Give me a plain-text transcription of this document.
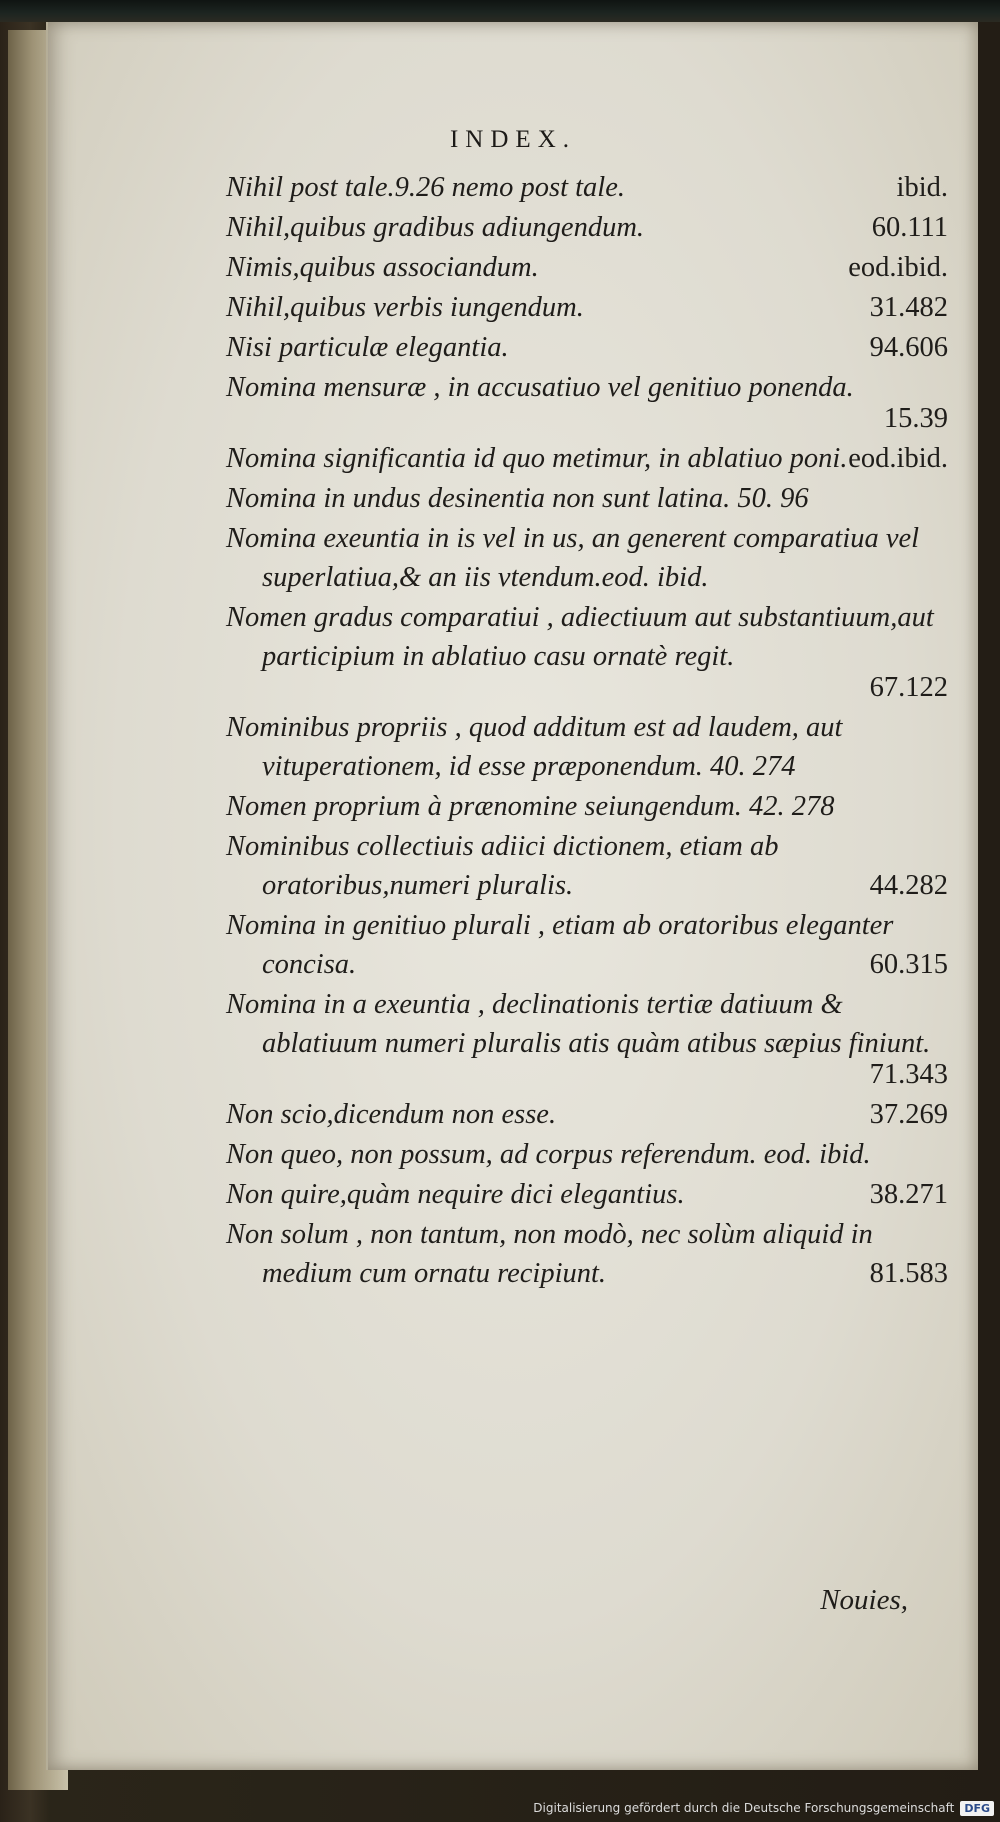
INDEX.
Nihil post tale.9.26 nemo post tale.	ibid.
Nihil,quibus gradibus adiungendum.	60.111
Nimis,quibus associandum.	eod.ibid.
Nihil,quibus verbis iungendum.	31.482
Nisi particulæ elegantia.	94.606
Nomina mensuræ , in accusatiuo vel genitiuo ponenda.
15.39
Nomina significantia id quo metimur, in ablatiuo poni. eod.ibid.
Nomina in undus desinentia non sunt latina. 50. 96
Nomina exeuntia in is vel in us, an generent comparatiua vel superlatiua,& an iis vtendum.eod. ibid.
Nomen gradus comparatiui , adiectiuum aut substantiuum,aut participium in ablatiuo casu ornatè regit.
67.122
Nominibus propriis , quod additum est ad laudem, aut vituperationem, id esse præponendum. 40. 274
Nomen proprium à prænomine seiungendum. 42. 278
Nominibus collectiuis adiici dictionem, etiam ab oratoribus,numeri pluralis.	44.282
Nomina in genitiuo plurali , etiam ab oratoribus eleganter concisa.	60.315
Nomina in a exeuntia , declinationis tertiæ datiuum & ablatiuum numeri pluralis atis quàm atibus sæpius finiunt.
71.343
Non scio,dicendum non esse.	37.269
Non queo, non possum, ad corpus referendum. eod. ibid.
Non quire,quàm nequire dici elegantius.	38.271
Non solum , non tantum, non modò, nec solùm aliquid in medium cum ornatu recipiunt.	81.583
Nouies,
Digitalisierung gefördert durch die Deutsche Forschungsgemeinschaft DFG
